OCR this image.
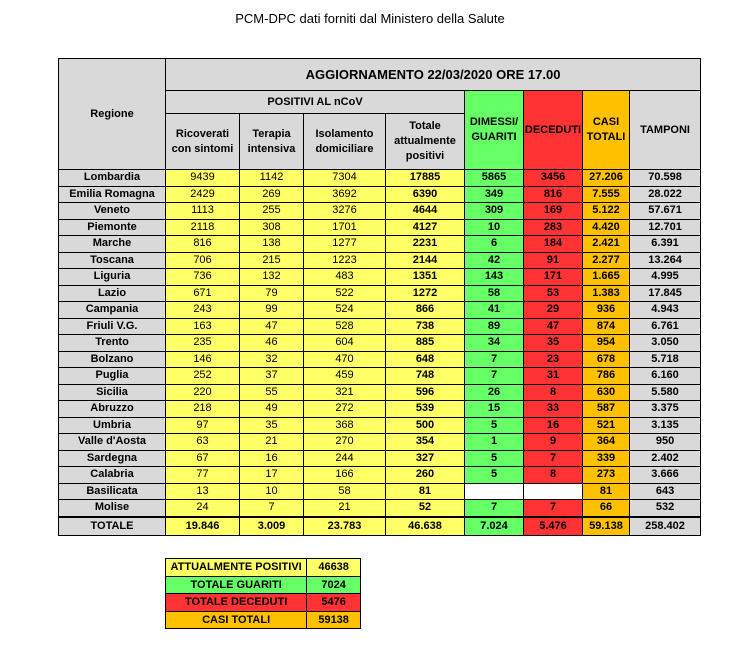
PCM-DPC dati forniti dal Ministero della Salute
Regione	AGGIORNAMENTO 22/03/2020 ORE 17.00							
	POSITIVI AL nCoV				DIMESSI/ GUARITI	DECEDUTI	CASI TOTALI	TAMPONI
	Ricoverati con sintomi	Terapia intensiva	Isolamento domiciliare	Totale attualmente positivi				
Lombardia	9439	1142	7304	17885	5865	3456	27.206	70.598
Emilia Romagna	2429	269	3692	6390	349	816	7.555	28.022
Veneto	1113	255	3276	4644	309	169	5.122	57.671
Piemonte	2118	308	1701	4127	10	283	4.420	12.701
Marche	816	138	1277	2231	6	184	2.421	6.391
Toscana	706	215	1223	2144	42	91	2.277	13.264
Liguria	736	132	483	1351	143	171	1.665	4.995
Lazio	671	79	522	1272	58	53	1.383	17.845
Campania	243	99	524	866	41	29	936	4.943
Friuli V.G.	163	47	528	738	89	47	874	6.761
Trento	235	46	604	885	34	35	954	3.050
Bolzano	146	32	470	648	7	23	678	5.718
Puglia	252	37	459	748	7	31	786	6.160
Sicilia	220	55	321	596	26	8	630	5.580
Abruzzo	218	49	272	539	15	33	587	3.375
Umbria	97	35	368	500	5	16	521	3.135
Valle d'Aosta	63	21	270	354	1	9	364	950
Sardegna	67	16	244	327	5	7	339	2.402
Calabria	77	17	166	260	5	8	273	3.666
Basilicata	13	10	58	81			81	643
Molise	24	7	21	52	7	7	66	532
TOTALE	19.846	3.009	23.783	46.638	7.024	5.476	59.138	258.402
ATTUALMENTE POSITIVI	46638
TOTALE GUARITI	7024
TOTALE DECEDUTI	5476
CASI TOTALI	59138
